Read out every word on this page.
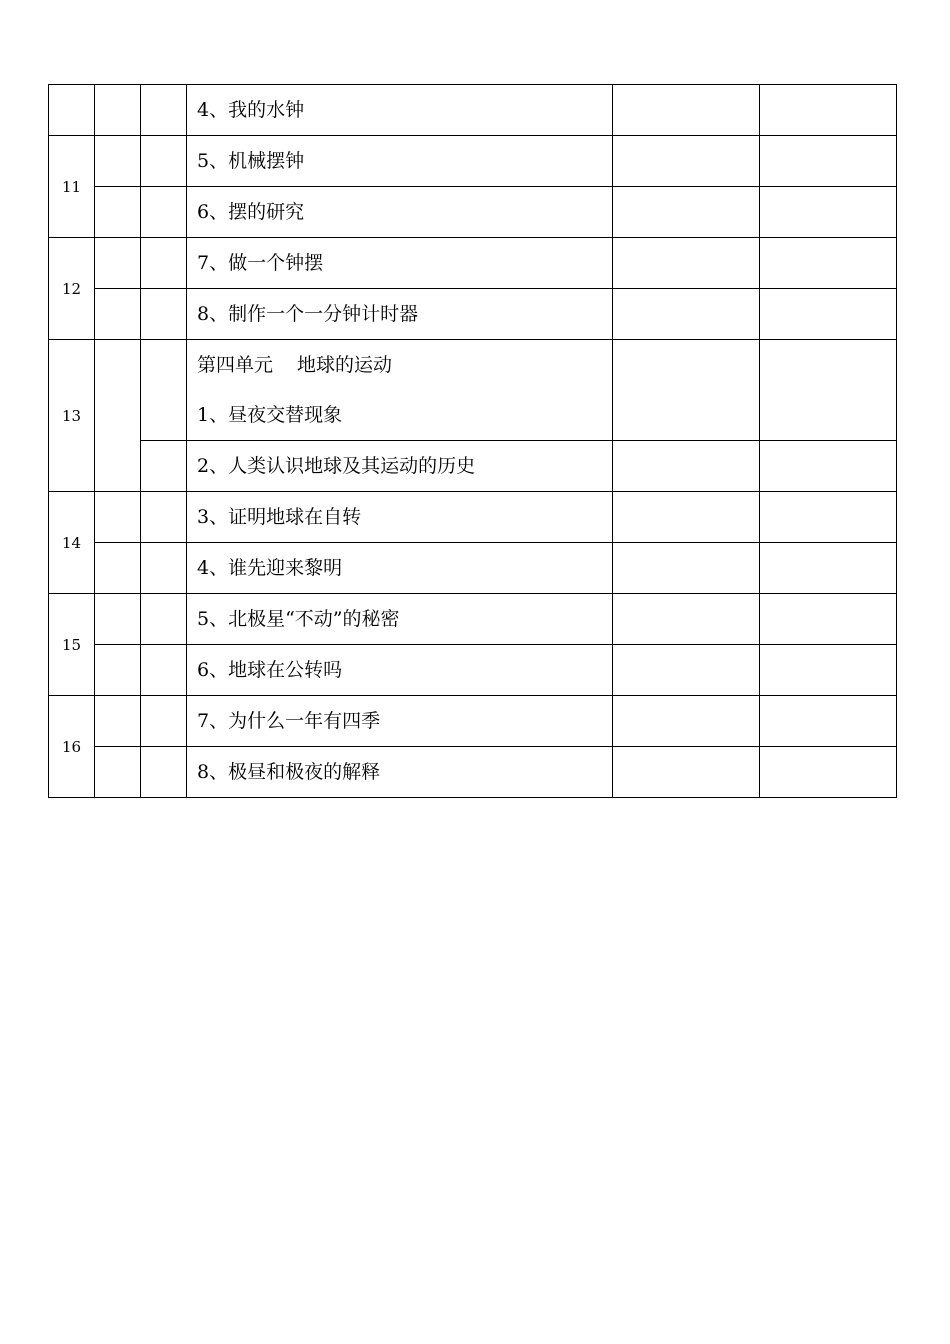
			4、我的水钟		
11			5、机械摆钟		
			6、摆的研究		
12			7、做一个钟摆		
			8、制作一个一分钟计时器		
13			第四单元 地球的运动
1、昼夜交替现象		

			2、人类认识地球及其运动的历史		
14			3、证明地球在自转		
			4、谁先迎来黎明		
15			5、北极星“不动”的秘密		
			6、地球在公转吗		
16			7、为什么一年有四季		
			8、极昼和极夜的解释		
